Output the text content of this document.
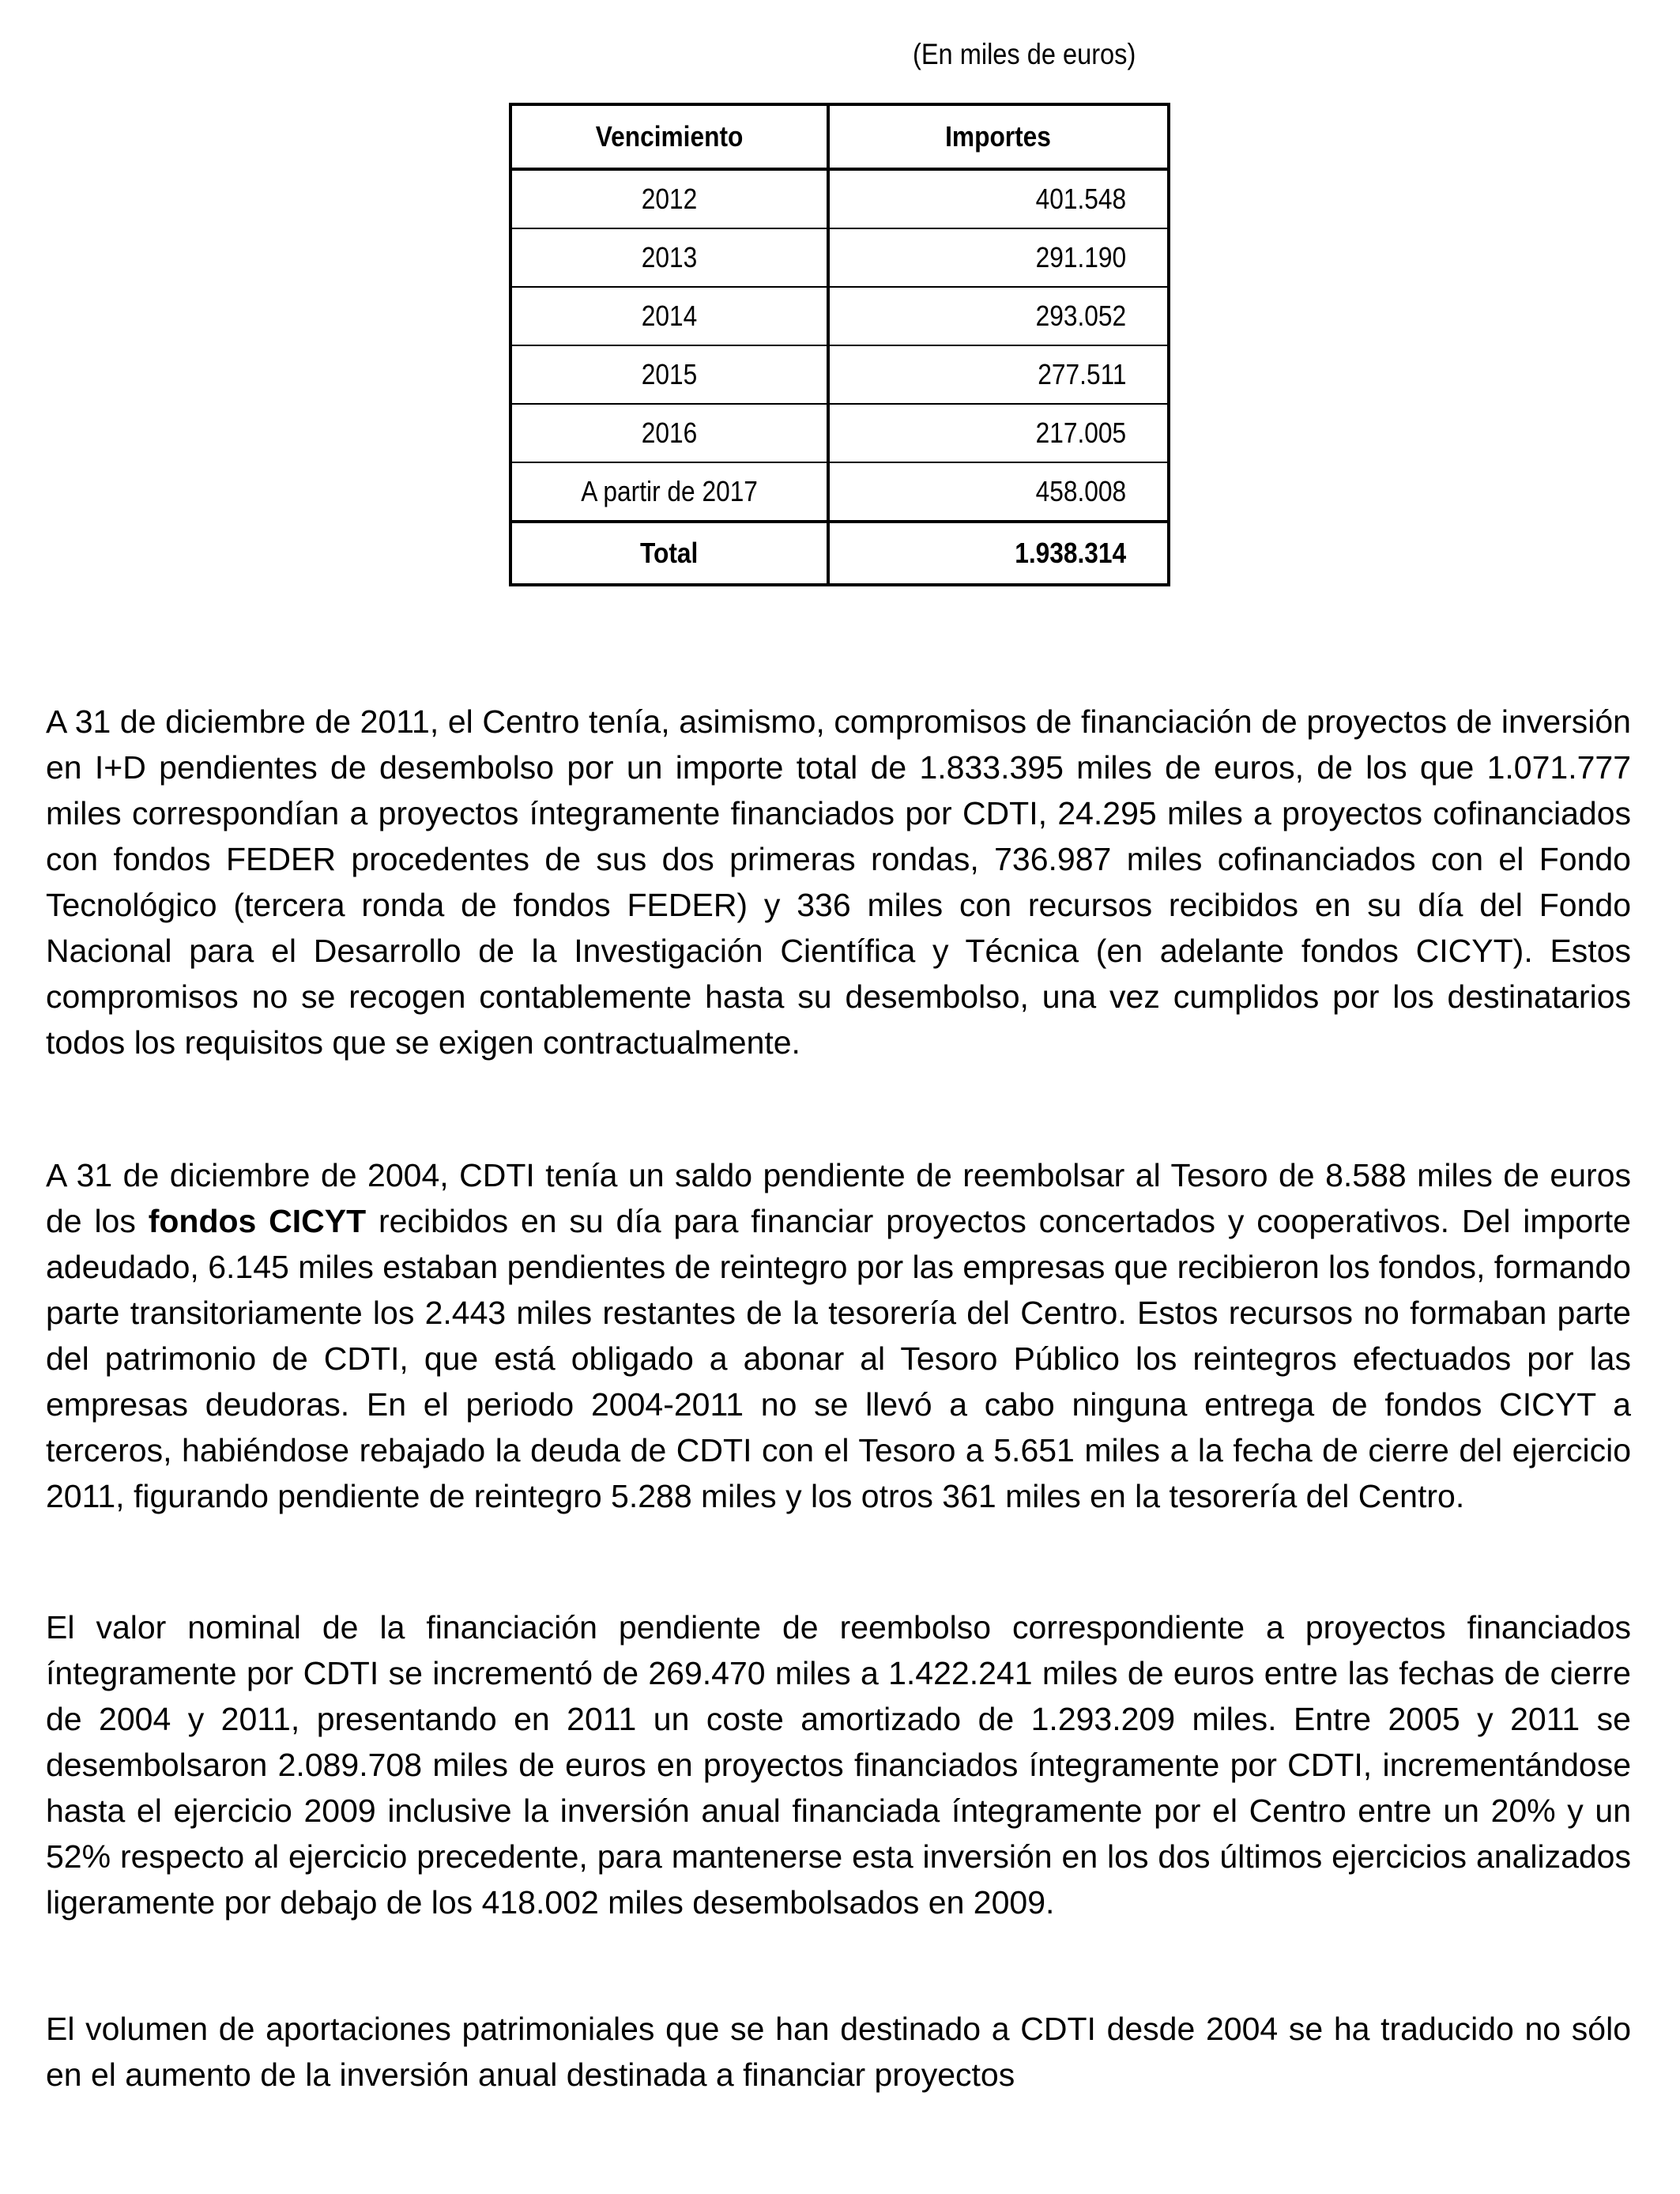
(En miles de euros)
Vencimiento	Importes
2012	401.548
2013	291.190
2014	293.052
2015	277.511
2016	217.005
A partir de 2017	458.008
Total	1.938.314

A 31 de diciembre de 2011, el Centro tenía, asimismo, compromisos de financiación de proyectos de inversión en I+D pendientes de desembolso por un importe total de 1.833.395 miles de euros, de los que 1.071.777 miles correspondían a proyectos íntegramente financiados por CDTI, 24.295 miles a proyectos cofinanciados con fondos FEDER procedentes de sus dos primeras rondas, 736.987 miles cofinanciados con el Fondo Tecnológico (tercera ronda de fondos FEDER) y 336 miles con recursos recibidos en su día del Fondo Nacional para el Desarrollo de la Investigación Científica y Técnica (en adelante fondos CICYT). Estos compromisos no se recogen contablemente hasta su desembolso, una vez cumplidos por los destinatarios todos los requisitos que se exigen contractualmente.

A 31 de diciembre de 2004, CDTI tenía un saldo pendiente de reembolsar al Tesoro de 8.588 miles de euros de los fondos CICYT recibidos en su día para financiar proyectos concertados y cooperativos. Del importe adeudado, 6.145 miles estaban pendientes de reintegro por las empresas que recibieron los fondos, formando parte transitoriamente los 2.443 miles restantes de la tesorería del Centro. Estos recursos no formaban parte del patrimonio de CDTI, que está obligado a abonar al Tesoro Público los reintegros efectuados por las empresas deudoras. En el periodo 2004-2011 no se llevó a cabo ninguna entrega de fondos CICYT a terceros, habiéndose rebajado la deuda de CDTI con el Tesoro a 5.651 miles a la fecha de cierre del ejercicio 2011, figurando pendiente de reintegro 5.288 miles y los otros 361 miles en la tesorería del Centro.

El valor nominal de la financiación pendiente de reembolso correspondiente a proyectos financiados íntegramente por CDTI se incrementó de 269.470 miles a 1.422.241 miles de euros entre las fechas de cierre de 2004 y 2011, presentando en 2011 un coste amortizado de 1.293.209 miles. Entre 2005 y 2011 se desembolsaron 2.089.708 miles de euros en proyectos financiados íntegramente por CDTI, incrementándose hasta el ejercicio 2009 inclusive la inversión anual financiada íntegramente por el Centro entre un 20% y un 52% respecto al ejercicio precedente, para mantenerse esta inversión en los dos últimos ejercicios analizados ligeramente por debajo de los 418.002 miles desembolsados en 2009.

El volumen de aportaciones patrimoniales que se han destinado a CDTI desde 2004 se ha traducido no sólo en el aumento de la inversión anual destinada a financiar proyectos
